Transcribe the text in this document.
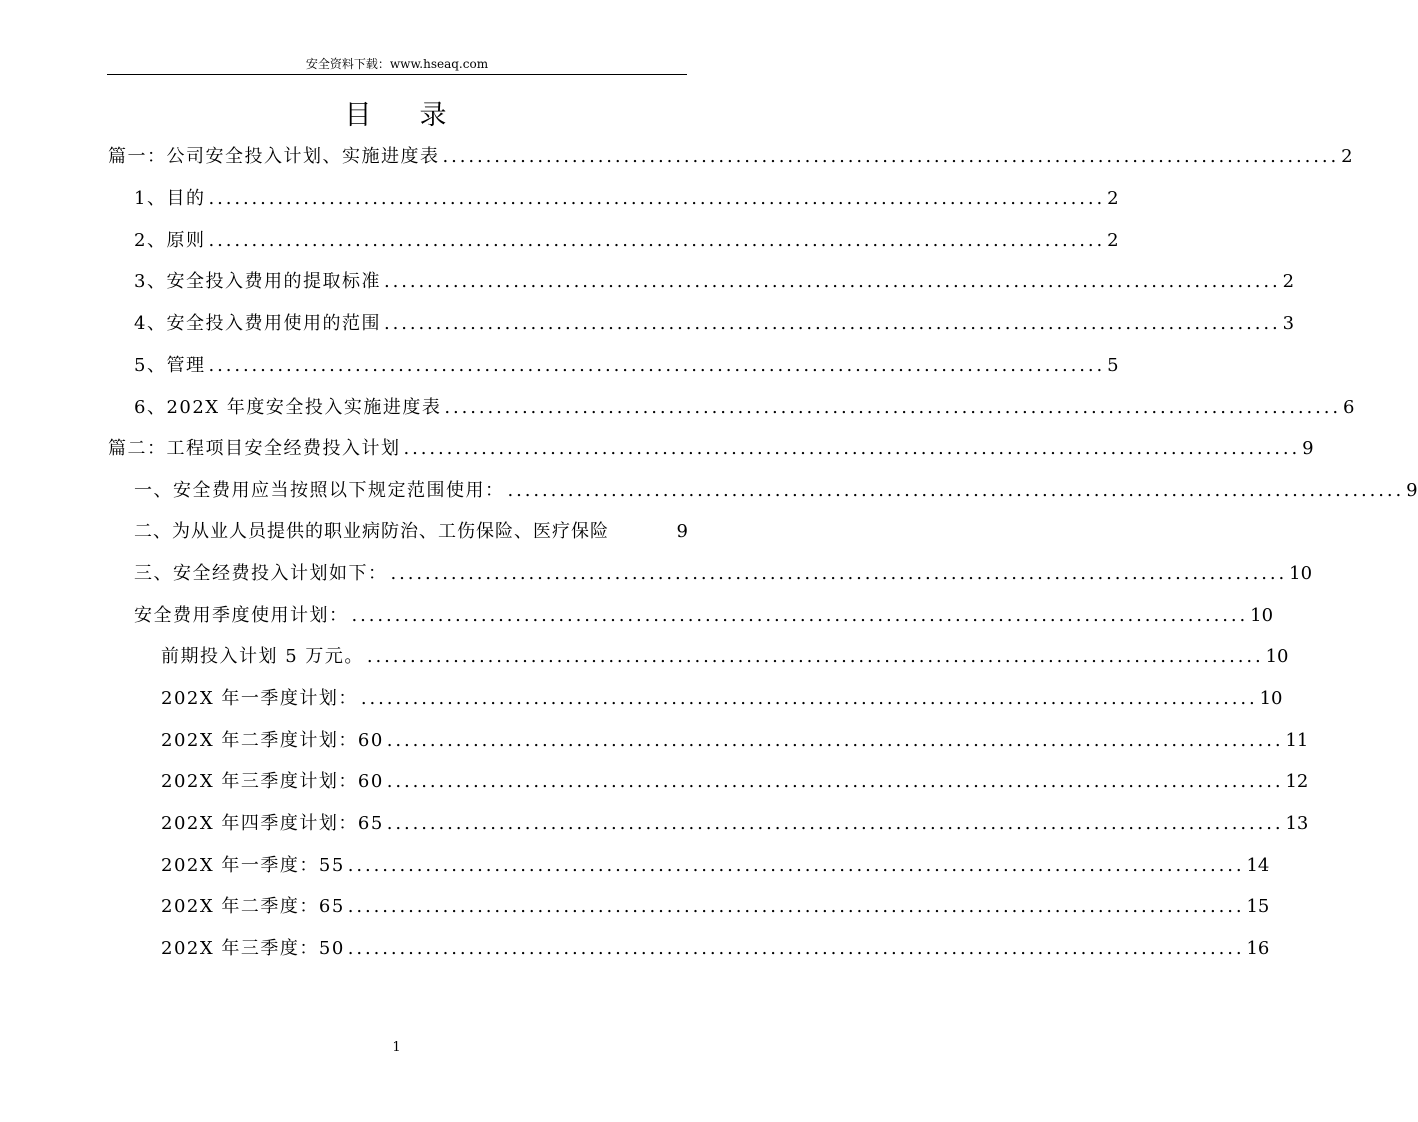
安全资料下载：www.hseaq.com
目 录
篇一：公司安全投入计划、实施进度表 ........................................................................................................ 2
1、目的 ........................................................................................................ 2
2、原则 ........................................................................................................ 2
3、安全投入费用的提取标准 ........................................................................................................ 2
4、安全投入费用使用的范围 ........................................................................................................ 3
5、管理 ........................................................................................................ 5
6、202X 年度安全投入实施进度表 ........................................................................................................ 6
篇二：工程项目安全经费投入计划 ........................................................................................................ 9
一、安全费用应当按照以下规定范围使用： ........................................................................................................ 9
二、为从业人员提供的职业病防治、工伤保险、医疗保险	9
三、安全经费投入计划如下： ........................................................................................................ 10
安全费用季度使用计划： ........................................................................................................ 10
前期投入计划 5 万元。 ........................................................................................................ 10
202X 年一季度计划： ........................................................................................................ 10
202X 年二季度计划：60 ........................................................................................................ 11
202X 年三季度计划：60 ........................................................................................................ 12
202X 年四季度计划：65 ........................................................................................................ 13
202X 年一季度：55 ........................................................................................................ 14
202X 年二季度：65 ........................................................................................................ 15
202X 年三季度：50 ........................................................................................................ 16
1
